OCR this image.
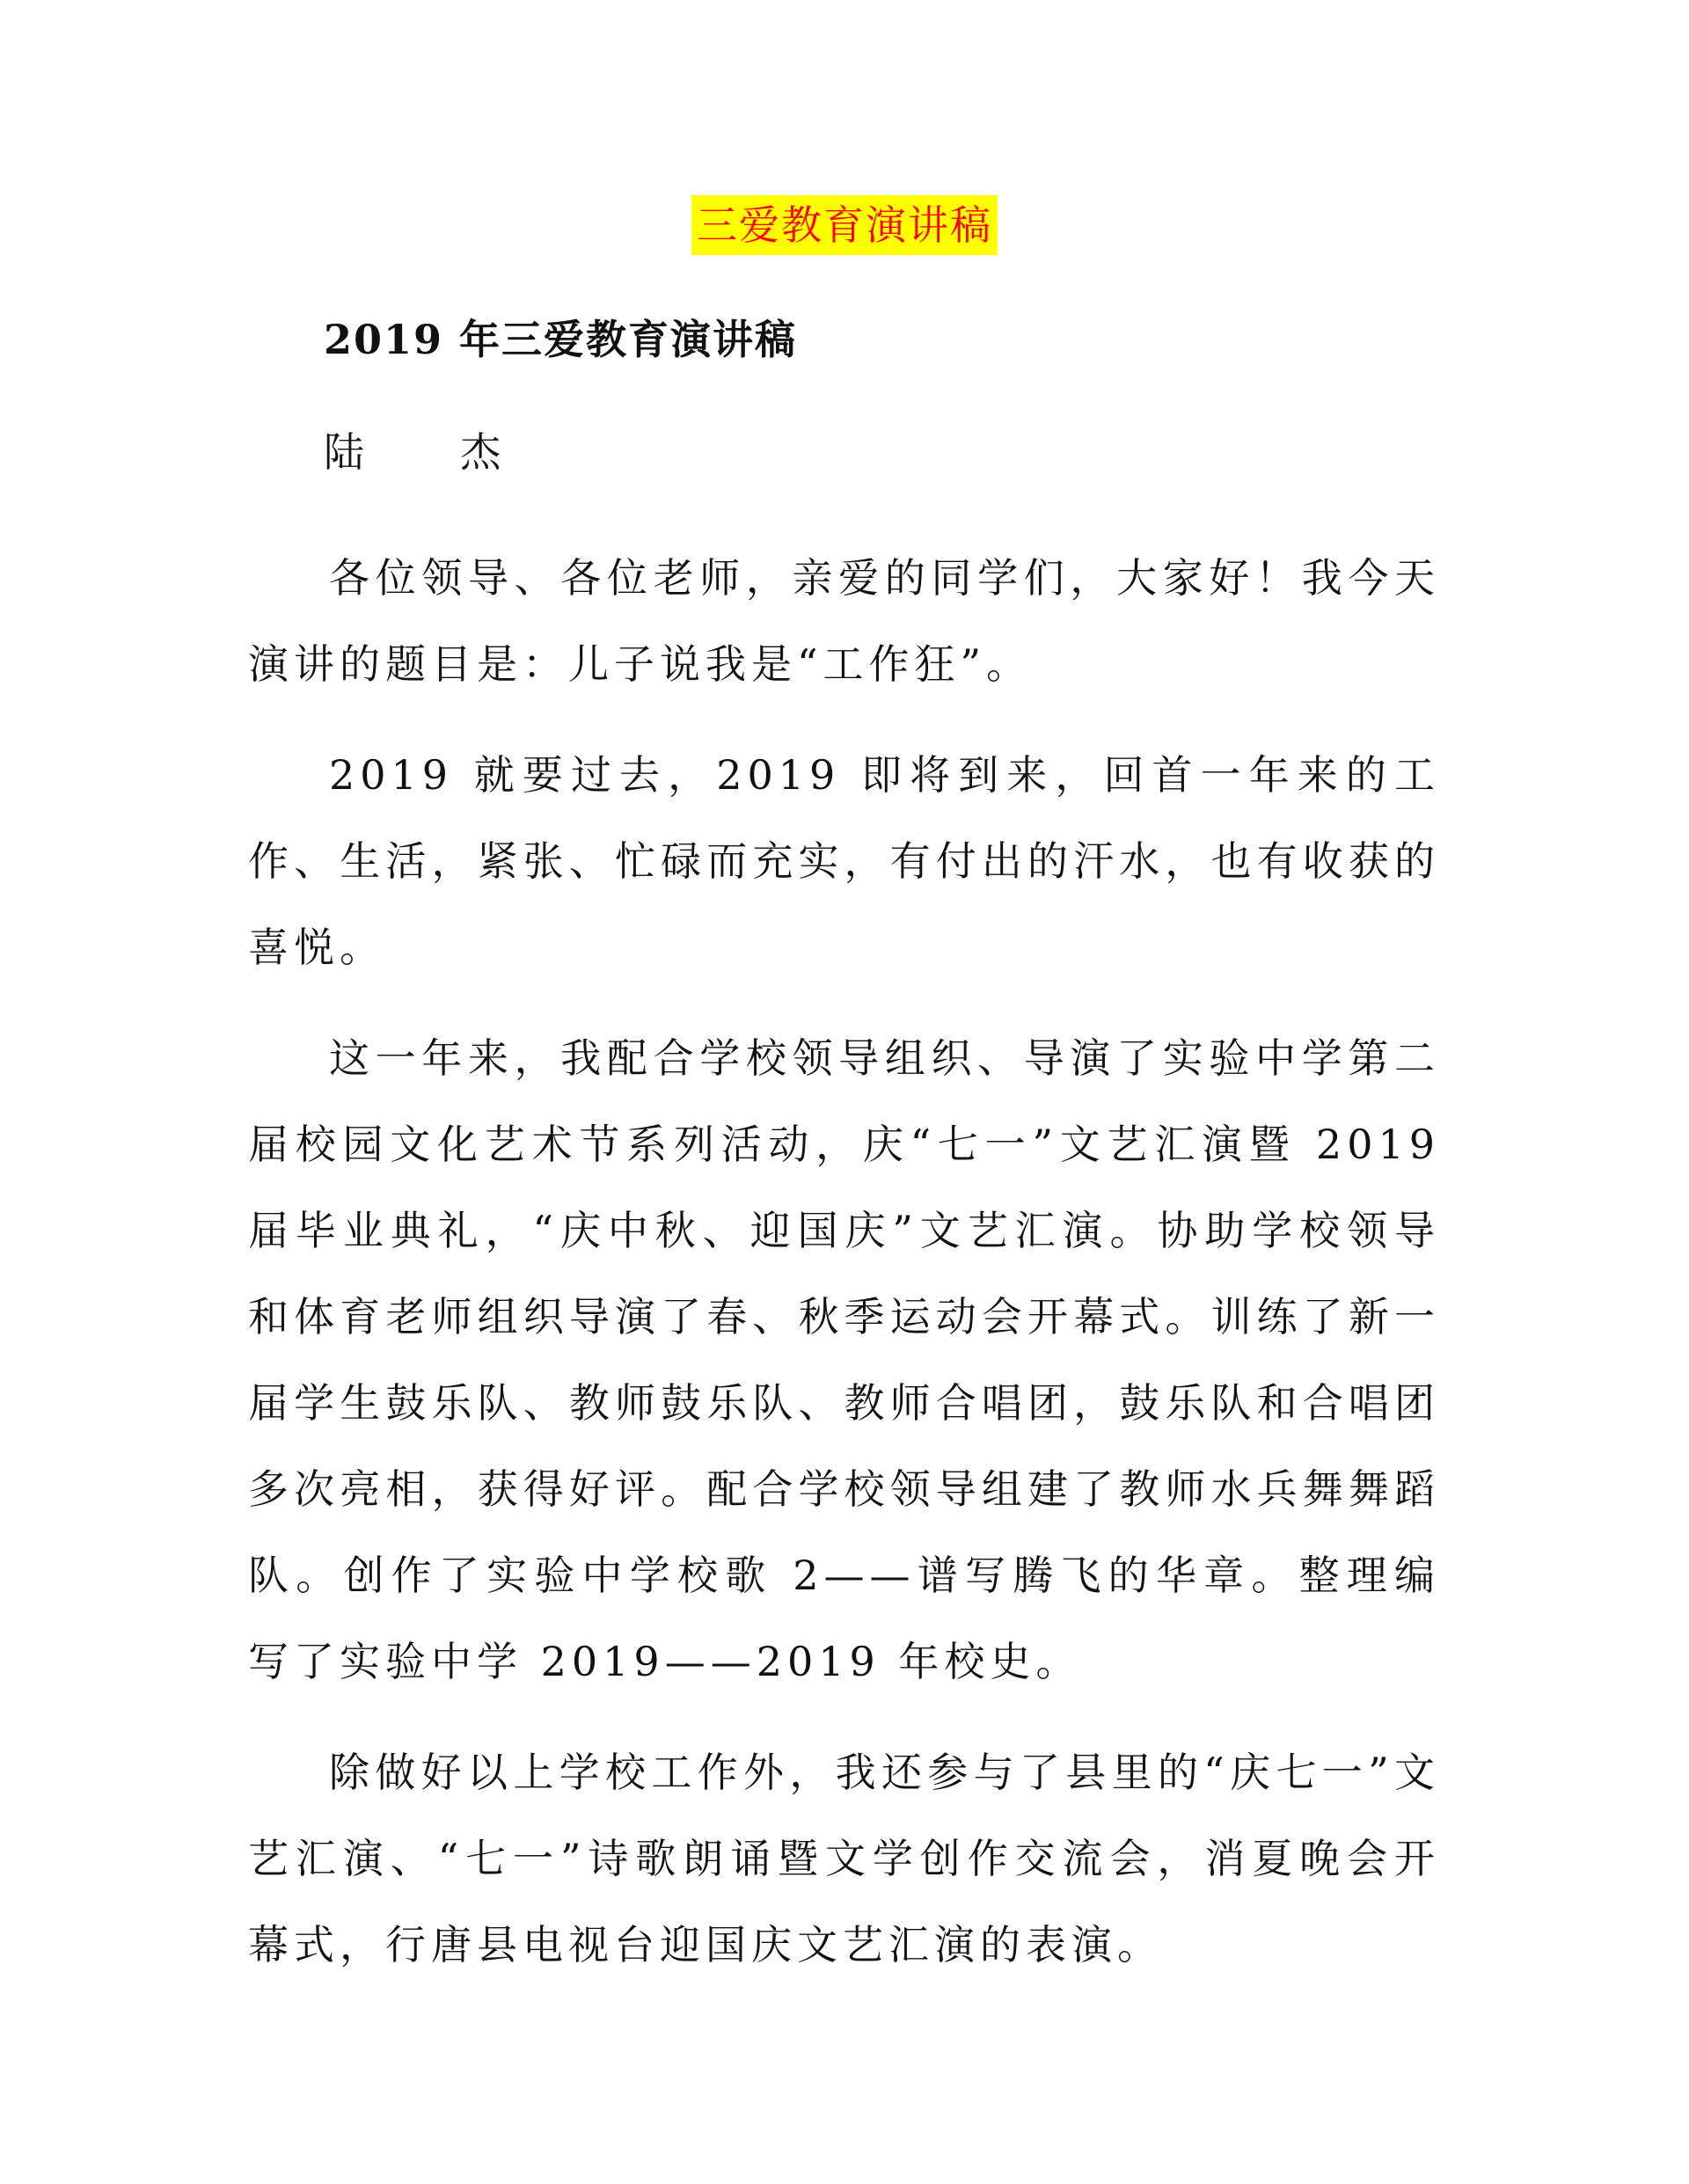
三爱教育演讲稿
2019 年三爱教育演讲稿
陆  杰

各位领导、各位老师，亲爱的同学们，大家好！我今天演讲的题目是：儿子说我是“工作狂”。

2019 就要过去，2019 即将到来，回首一年来的工作、生活，紧张、忙碌而充实，有付出的汗水，也有收获的喜悦。

这一年来，我配合学校领导组织、导演了实验中学第二届校园文化艺术节系列活动，庆“七一”文艺汇演暨 2019 届毕业典礼，“庆中秋、迎国庆”文艺汇演。协助学校领导和体育老师组织导演了春、秋季运动会开幕式。训练了新一届学生鼓乐队、教师鼓乐队、教师合唱团，鼓乐队和合唱团多次亮相，获得好评。配合学校领导组建了教师水兵舞舞蹈队。创作了实验中学校歌 2——谱写腾飞的华章。整理编写了实验中学 2019——2019 年校史。

除做好以上学校工作外，我还参与了县里的“庆七一”文艺汇演、“七一”诗歌朗诵暨文学创作交流会，消夏晚会开幕式，行唐县电视台迎国庆文艺汇演的表演。
